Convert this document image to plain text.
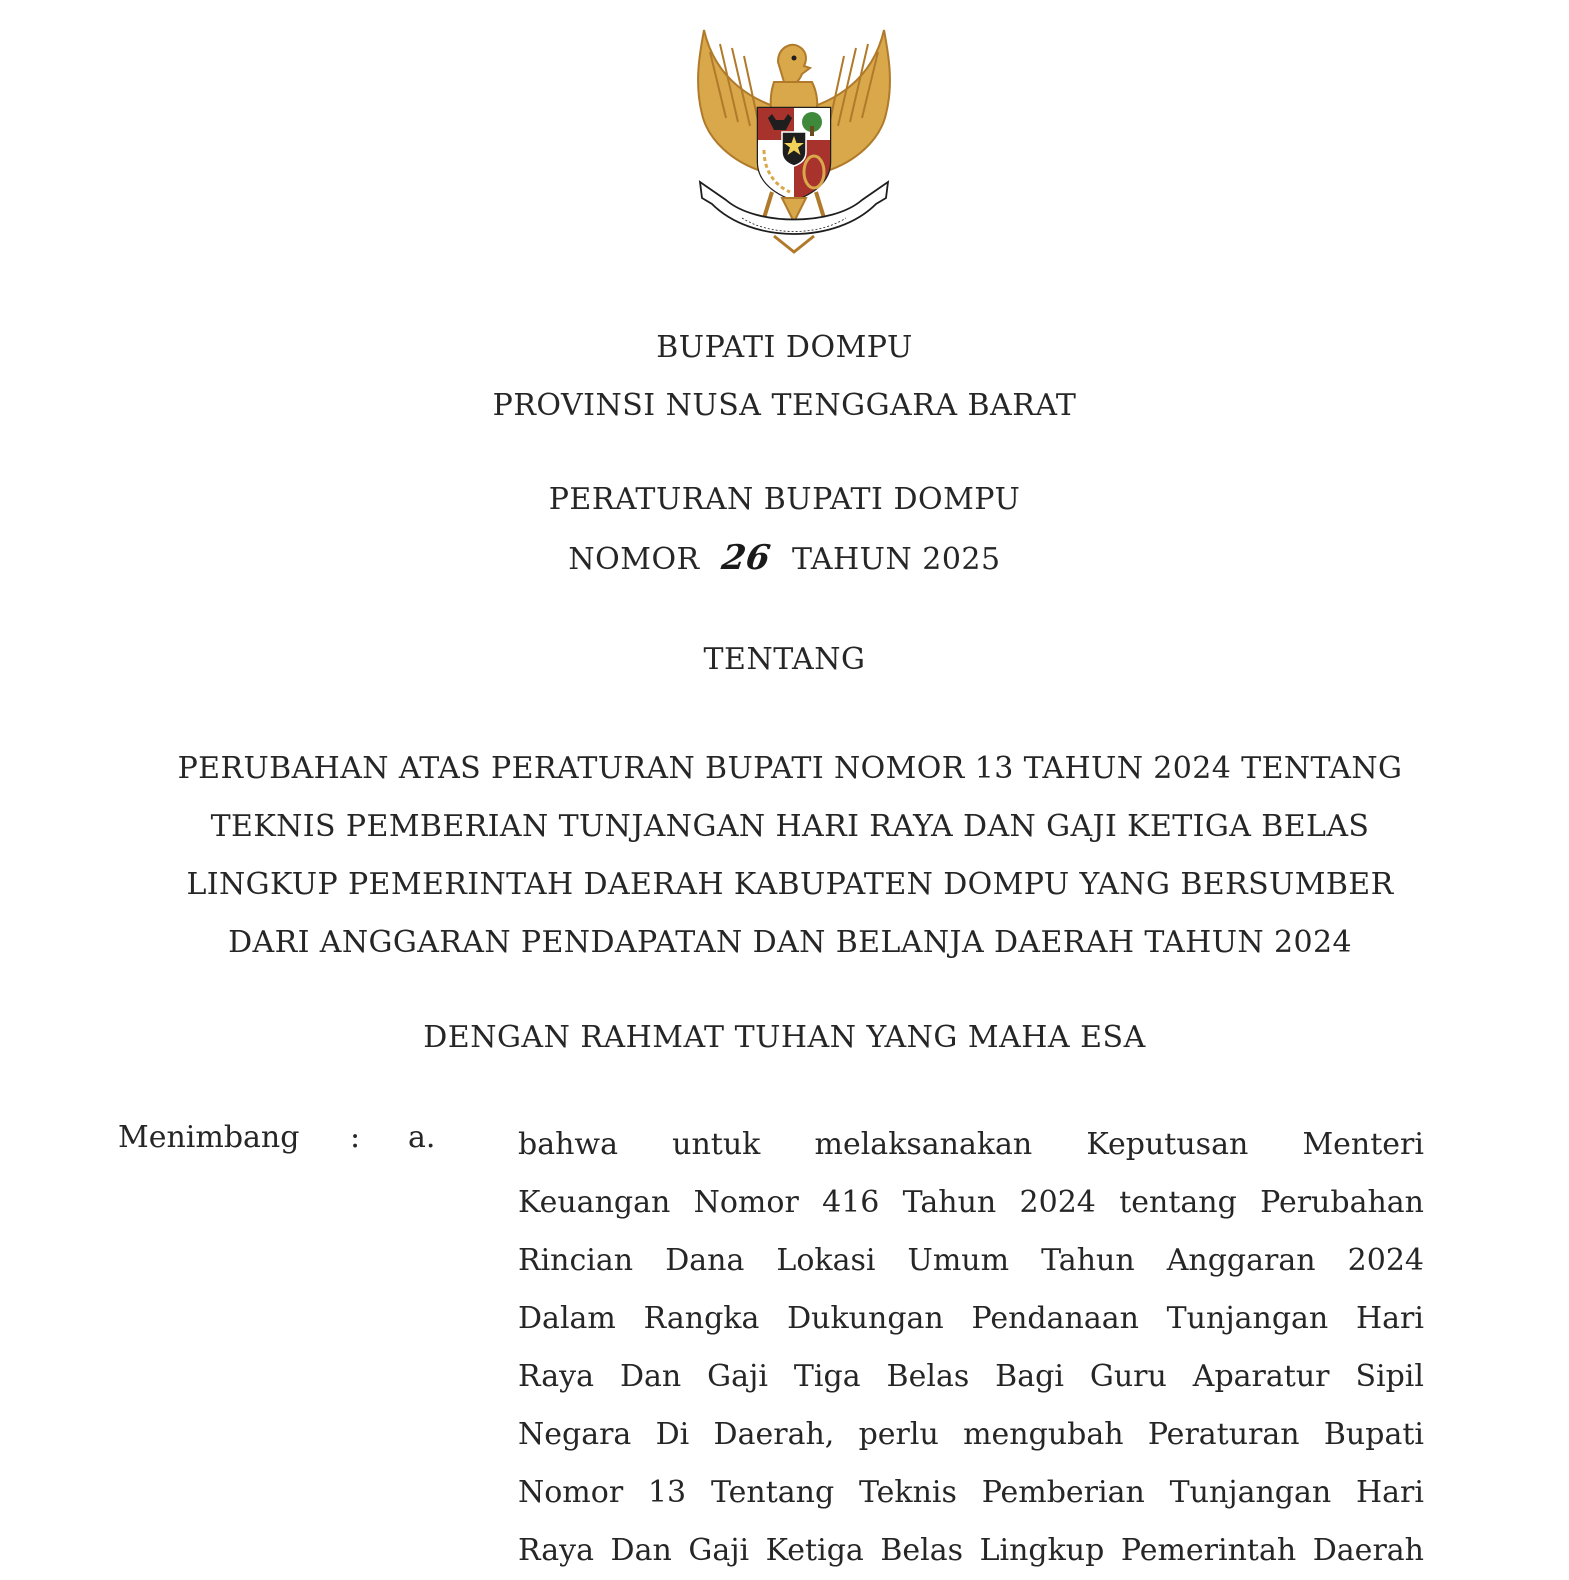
BUPATI DOMPU
PROVINSI NUSA TENGGARA BARAT
PERATURAN BUPATI DOMPU
NOMOR 26 TAHUN 2025
TENTANG
PERUBAHAN ATAS PERATURAN BUPATI NOMOR 13 TAHUN 2024 TENTANG
TEKNIS PEMBERIAN TUNJANGAN HARI RAYA DAN GAJI KETIGA BELAS
LINGKUP PEMERINTAH DAERAH KABUPATEN DOMPU YANG BERSUMBER
DARI ANGGARAN PENDAPATAN DAN BELANJA DAERAH TAHUN 2024
DENGAN RAHMAT TUHAN YANG MAHA ESA
Menimbang : a.	bahwa untuk melaksanakan Keputusan Menteri
Keuangan Nomor 416 Tahun 2024 tentang Perubahan
Rincian Dana Lokasi Umum Tahun Anggaran 2024
Dalam Rangka Dukungan Pendanaan Tunjangan Hari
Raya Dan Gaji Tiga Belas Bagi Guru Aparatur Sipil
Negara Di Daerah, perlu mengubah Peraturan Bupati
Nomor 13 Tentang Teknis Pemberian Tunjangan Hari
Raya Dan Gaji Ketiga Belas Lingkup Pemerintah Daerah
